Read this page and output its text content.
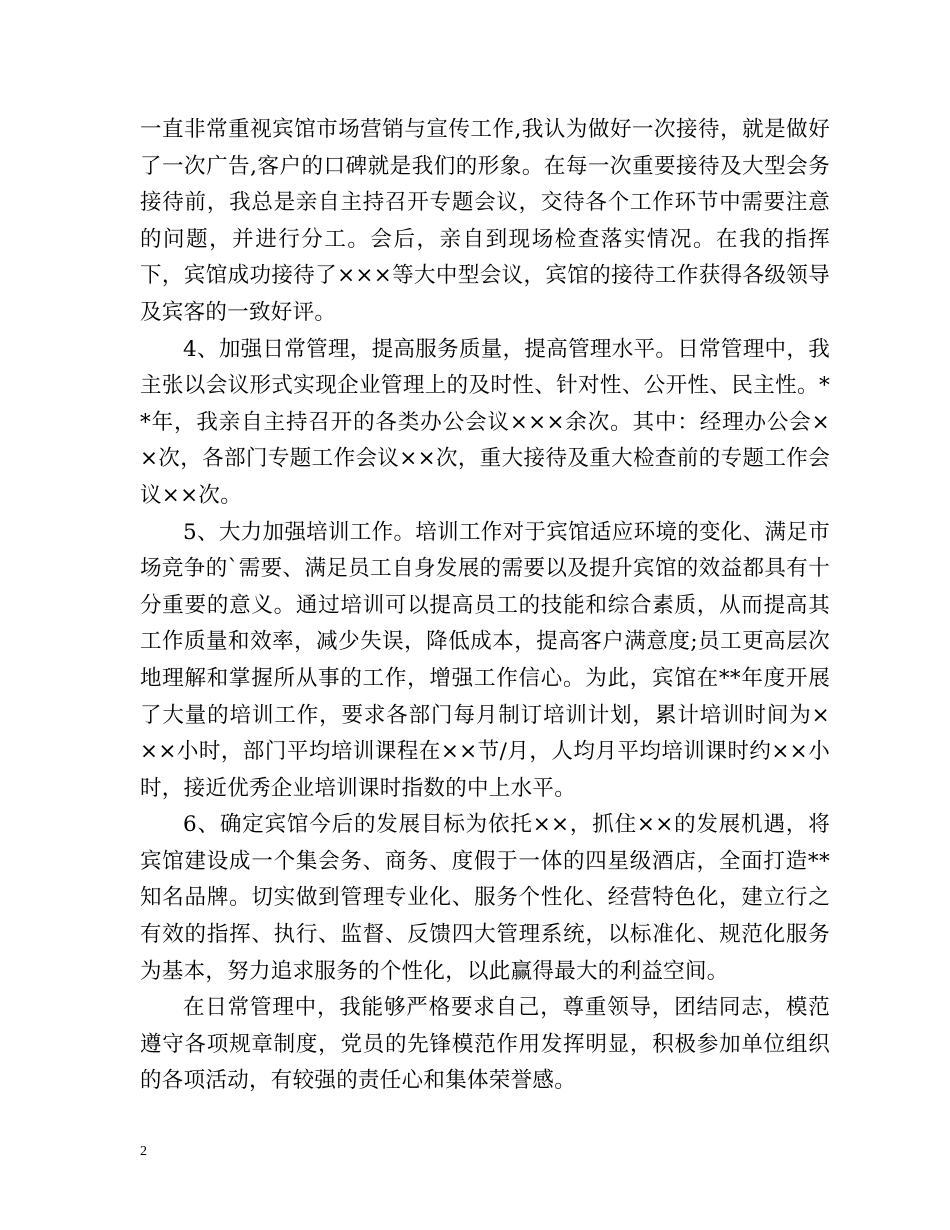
一直非常重视宾馆市场营销与宣传工作,我认为做好一次接待，就是做好了一次广告,客户的口碑就是我们的形象。在每一次重要接待及大型会务接待前，我总是亲自主持召开专题会议，交待各个工作环节中需要注意的问题，并进行分工。会后，亲自到现场检查落实情况。在我的指挥下，宾馆成功接待了×××等大中型会议，宾馆的接待工作获得各级领导及宾客的一致好评。

4、加强日常管理，提高服务质量，提高管理水平。日常管理中，我主张以会议形式实现企业管理上的及时性、针对性、公开性、民主性。**年，我亲自主持召开的各类办公会议×××余次。其中：经理办公会××次，各部门专题工作会议××次，重大接待及重大检查前的专题工作会议××次。

5、大力加强培训工作。培训工作对于宾馆适应环境的变化、满足市场竞争的`需要、满足员工自身发展的需要以及提升宾馆的效益都具有十分重要的意义。通过培训可以提高员工的技能和综合素质，从而提高其工作质量和效率，减少失误，降低成本，提高客户满意度;员工更高层次地理解和掌握所从事的工作，增强工作信心。为此，宾馆在**年度开展了大量的培训工作，要求各部门每月制订培训计划，累计培训时间为×××小时，部门平均培训课程在××节/月，人均月平均培训课时约××小时，接近优秀企业培训课时指数的中上水平。

6、确定宾馆今后的发展目标为依托××，抓住××的发展机遇，将宾馆建设成一个集会务、商务、度假于一体的四星级酒店，全面打造**知名品牌。切实做到管理专业化、服务个性化、经营特色化，建立行之有效的指挥、执行、监督、反馈四大管理系统，以标准化、规范化服务为基本，努力追求服务的个性化，以此赢得最大的利益空间。

在日常管理中，我能够严格要求自己，尊重领导，团结同志，模范遵守各项规章制度，党员的先锋模范作用发挥明显，积极参加单位组织的各项活动，有较强的责任心和集体荣誉感。

2
